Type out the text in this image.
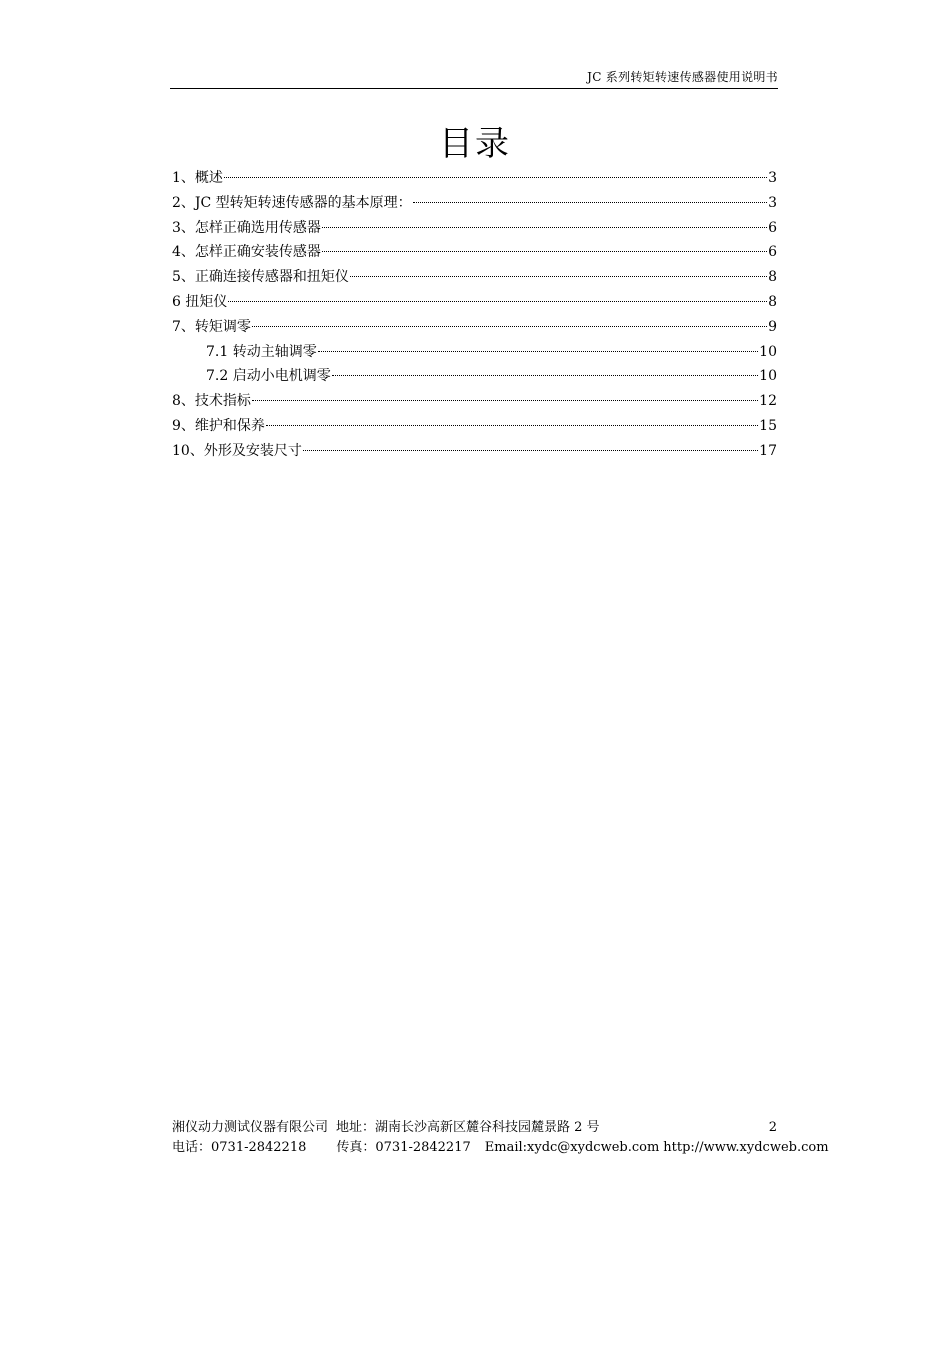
JC 系列转矩转速传感器使用说明书
目录
1、概述	3
2、JC 型转矩转速传感器的基本原理：	3
3、怎样正确选用传感器	6
4、怎样正确安装传感器	6
5、正确连接传感器和扭矩仪	8
6 扭矩仪	8
7、转矩调零	9
7.1 转动主轴调零	10
7.2 启动小电机调零	10
8、技术指标	12
9、维护和保养	15
10、外形及安装尺寸	17
湘仪动力测试仪器有限公司 地址：湖南长沙高新区麓谷科技园麓景路 2 号	2
电话：0731-2842218 传真：0731-2842217 Email:xydc@xydcweb.com http://www.xydcweb.com
